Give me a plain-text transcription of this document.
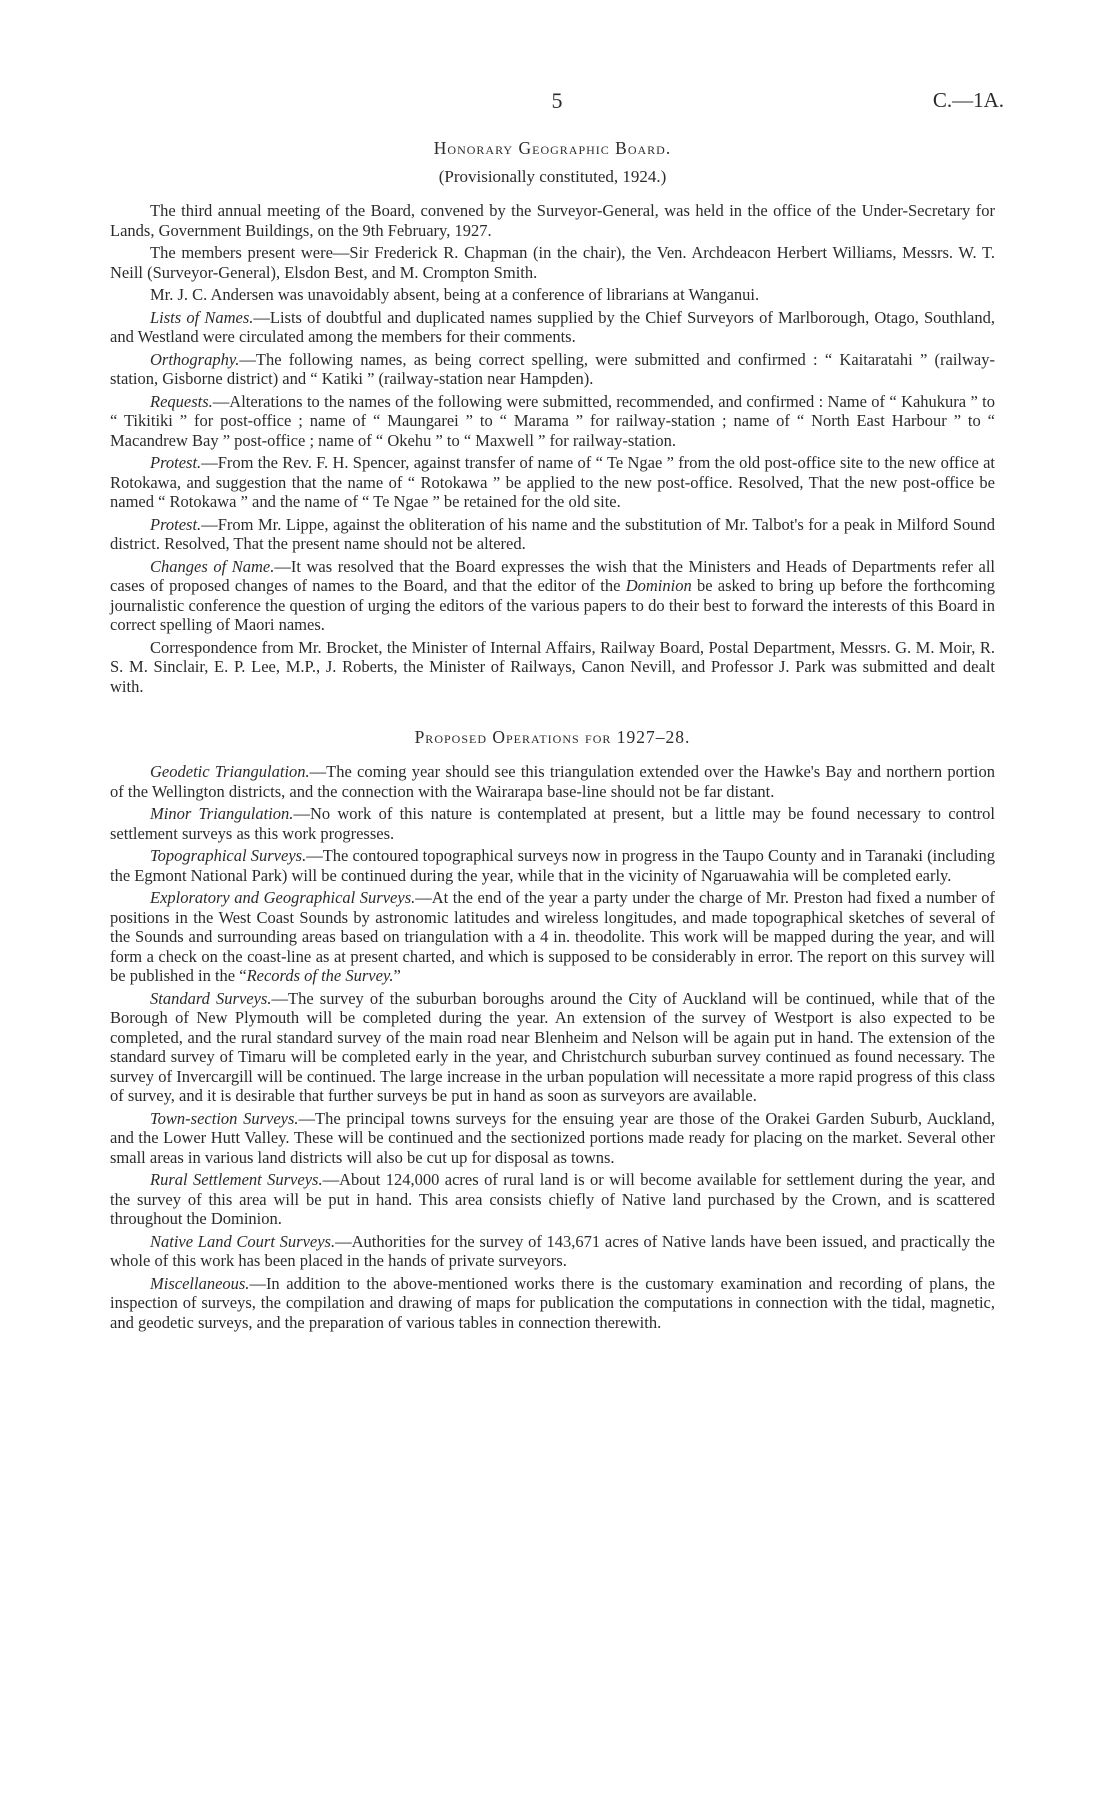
5	C.—1A.
Honorary Geographic Board.
(Provisionally constituted, 1924.)

The third annual meeting of the Board, convened by the Surveyor-General, was held in the office of the Under-Secretary for Lands, Government Buildings, on the 9th February, 1927.

The members present were—Sir Frederick R. Chapman (in the chair), the Ven. Archdeacon Herbert Williams, Messrs. W. T. Neill (Surveyor-General), Elsdon Best, and M. Crompton Smith.

Mr. J. C. Andersen was unavoidably absent, being at a conference of librarians at Wanganui.

Lists of Names.—Lists of doubtful and duplicated names supplied by the Chief Surveyors of Marlborough, Otago, Southland, and Westland were circulated among the members for their comments.

Orthography.—The following names, as being correct spelling, were submitted and confirmed : “ Kaitaratahi ” (railway-station, Gisborne district) and “ Katiki ” (railway-station near Hampden).

Requests.—Alterations to the names of the following were submitted, recommended, and confirmed : Name of “ Kahukura ” to “ Tikitiki ” for post-office ; name of “ Maungarei ” to “ Marama ” for railway-station ; name of “ North East Harbour ” to “ Macandrew Bay ” post-office ; name of “ Okehu ” to “ Maxwell ” for railway-station.

Protest.—From the Rev. F. H. Spencer, against transfer of name of “ Te Ngae ” from the old post-office site to the new office at Rotokawa, and suggestion that the name of “ Rotokawa ” be applied to the new post-office. Resolved, That the new post-office be named “ Rotokawa ” and the name of “ Te Ngae ” be retained for the old site.

Protest.—From Mr. Lippe, against the obliteration of his name and the substitution of Mr. Talbot's for a peak in Milford Sound district. Resolved, That the present name should not be altered.

Changes of Name.—It was resolved that the Board expresses the wish that the Ministers and Heads of Departments refer all cases of proposed changes of names to the Board, and that the editor of the Dominion be asked to bring up before the forthcoming journalistic conference the question of urging the editors of the various papers to do their best to forward the interests of this Board in correct spelling of Maori names.

Correspondence from Mr. Brocket, the Minister of Internal Affairs, Railway Board, Postal Department, Messrs. G. M. Moir, R. S. M. Sinclair, E. P. Lee, M.P., J. Roberts, the Minister of Railways, Canon Nevill, and Professor J. Park was submitted and dealt with.

Proposed Operations for 1927–28.

Geodetic Triangulation.—The coming year should see this triangulation extended over the Hawke's Bay and northern portion of the Wellington districts, and the connection with the Wairarapa base-line should not be far distant.

Minor Triangulation.—No work of this nature is contemplated at present, but a little may be found necessary to control settlement surveys as this work progresses.

Topographical Surveys.—The contoured topographical surveys now in progress in the Taupo County and in Taranaki (including the Egmont National Park) will be continued during the year, while that in the vicinity of Ngaruawahia will be completed early.

Exploratory and Geographical Surveys.—At the end of the year a party under the charge of Mr. Preston had fixed a number of positions in the West Coast Sounds by astronomic latitudes and wireless longitudes, and made topographical sketches of several of the Sounds and surrounding areas based on triangulation with a 4 in. theodolite. This work will be mapped during the year, and will form a check on the coast-line as at present charted, and which is supposed to be considerably in error. The report on this survey will be published in the “Records of the Survey.”

Standard Surveys.—The survey of the suburban boroughs around the City of Auckland will be continued, while that of the Borough of New Plymouth will be completed during the year. An extension of the survey of Westport is also expected to be completed, and the rural standard survey of the main road near Blenheim and Nelson will be again put in hand. The extension of the standard survey of Timaru will be completed early in the year, and Christchurch suburban survey continued as found necessary. The survey of Invercargill will be continued. The large increase in the urban population will necessitate a more rapid progress of this class of survey, and it is desirable that further surveys be put in hand as soon as surveyors are available.

Town-section Surveys.—The principal towns surveys for the ensuing year are those of the Orakei Garden Suburb, Auckland, and the Lower Hutt Valley. These will be continued and the sectionized portions made ready for placing on the market. Several other small areas in various land districts will also be cut up for disposal as towns.

Rural Settlement Surveys.—About 124,000 acres of rural land is or will become available for settlement during the year, and the survey of this area will be put in hand. This area consists chiefly of Native land purchased by the Crown, and is scattered throughout the Dominion.

Native Land Court Surveys.—Authorities for the survey of 143,671 acres of Native lands have been issued, and practically the whole of this work has been placed in the hands of private surveyors.

Miscellaneous.—In addition to the above-mentioned works there is the customary examination and recording of plans, the inspection of surveys, the compilation and drawing of maps for publication the computations in connection with the tidal, magnetic, and geodetic surveys, and the preparation of various tables in connection therewith.
